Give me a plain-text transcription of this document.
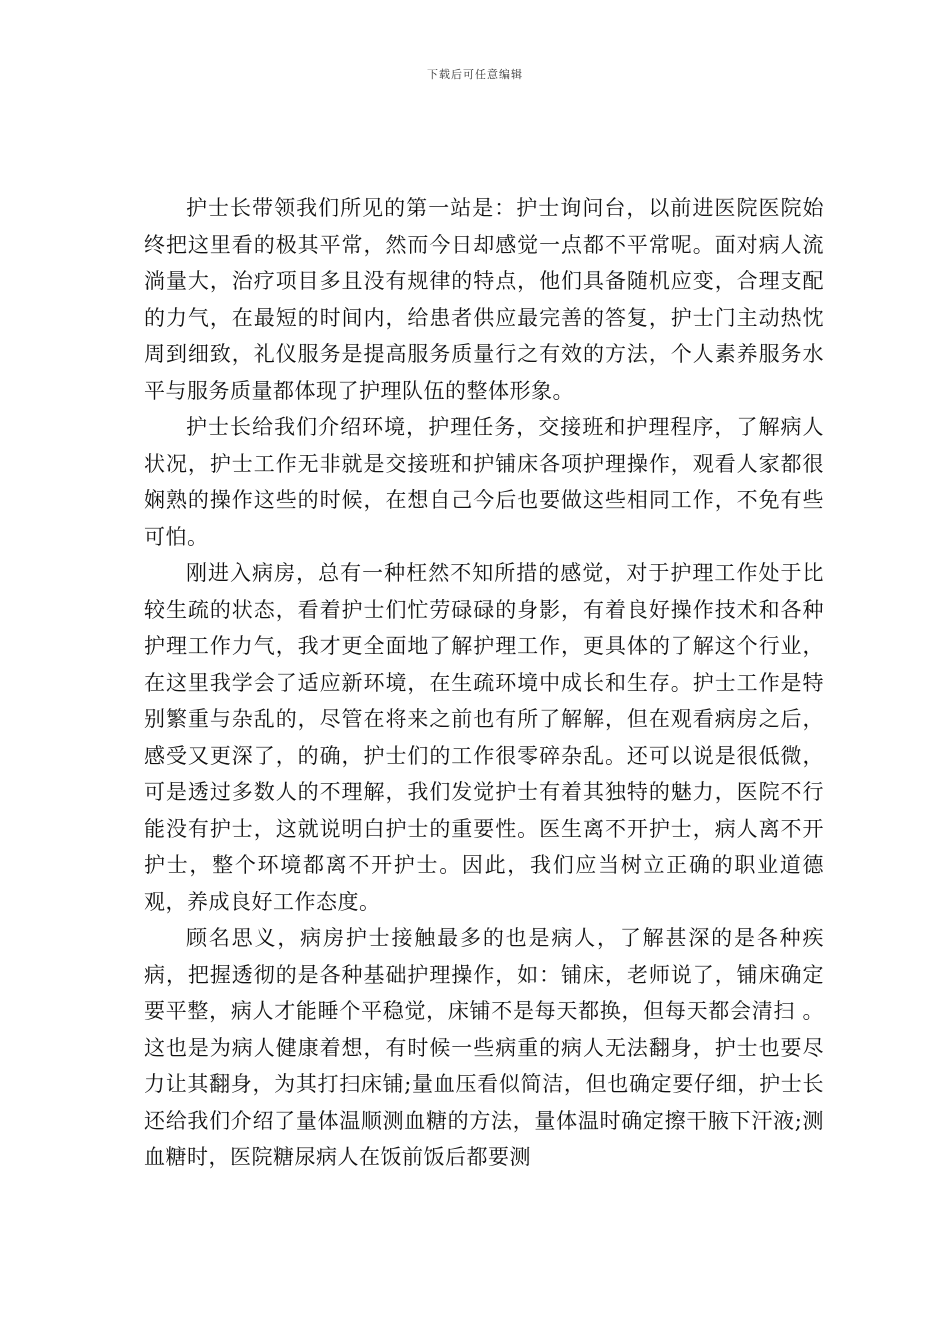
下载后可任意编辑

护士长带领我们所见的第一站是：护士询问台，以前进医院医院始终把这里看的极其平常，然而今日却感觉一点都不平常呢。面对病人流淌量大，治疗项目多且没有规律的特点，他们具备随机应变，合理支配的力气，在最短的时间内，给患者供应最完善的答复，护士门主动热忱周到细致，礼仪服务是提高服务质量行之有效的方法，个人素养服务水平与服务质量都体现了护理队伍的整体形象。

护士长给我们介绍环境，护理任务，交接班和护理程序，了解病人状况，护士工作无非就是交接班和护铺床各项护理操作，观看人家都很娴熟的操作这些的时候，在想自己今后也要做这些相同工作，不免有些可怕。

刚进入病房，总有一种枉然不知所措的感觉，对于护理工作处于比较生疏的状态，看着护士们忙劳碌碌的身影，有着良好操作技术和各种护理工作力气，我才更全面地了解护理工作，更具体的了解这个行业，在这里我学会了适应新环境，在生疏环境中成长和生存。护士工作是特别繁重与杂乱的，尽管在将来之前也有所了解解，但在观看病房之后，感受又更深了，的确，护士们的工作很零碎杂乱。还可以说是很低微，可是透过多数人的不理解，我们发觉护士有着其独特的魅力，医院不行能没有护士，这就说明白护士的重要性。医生离不开护士，病人离不开护士，整个环境都离不开护士。因此，我们应当树立正确的职业道德观，养成良好工作态度。

顾名思义，病房护士接触最多的也是病人，了解甚深的是各种疾病，把握透彻的是各种基础护理操作，如：铺床，老师说了，铺床确定要平整，病人才能睡个平稳觉，床铺不是每天都换，但每天都会清扫 。这也是为病人健康着想，有时候一些病重的病人无法翻身，护士也要尽力让其翻身，为其打扫床铺;量血压看似简洁，但也确定要仔细，护士长还给我们介绍了量体温顺测血糖的方法，量体温时确定擦干腋下汗液;测血糖时，医院糖尿病人在饭前饭后都要测
